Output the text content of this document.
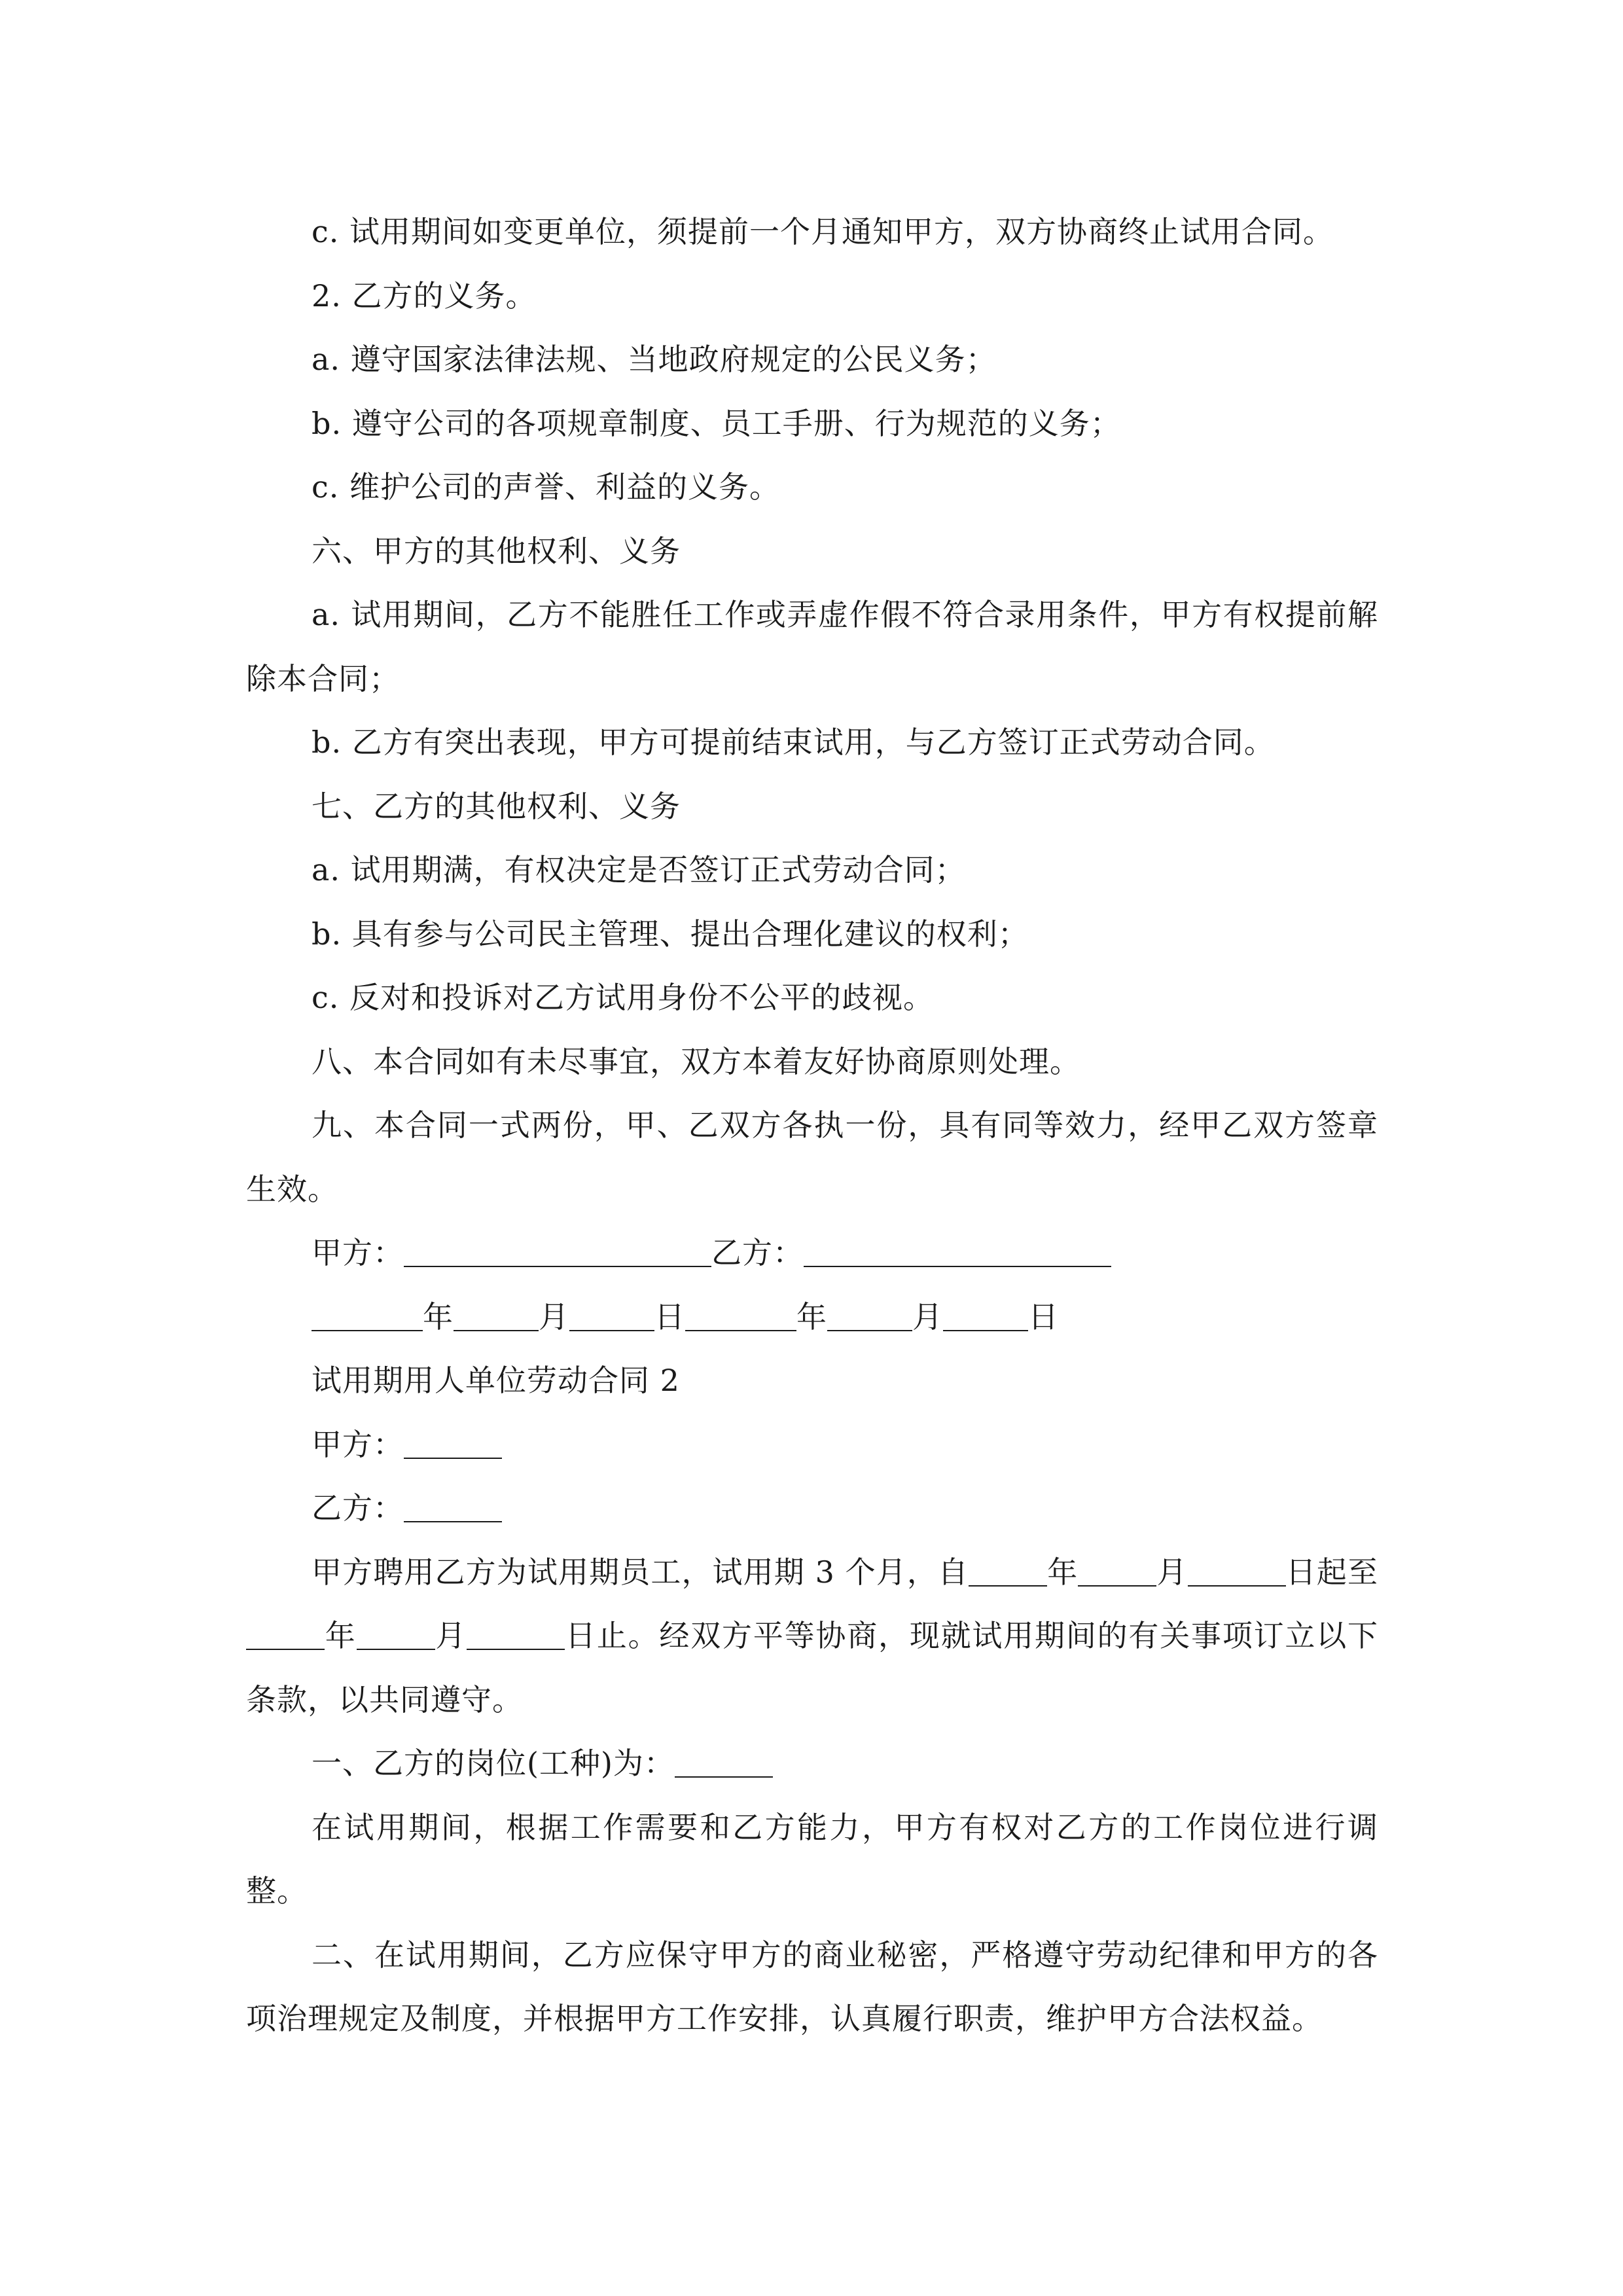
c. 试用期间如变更单位，须提前一个月通知甲方，双方协商终止试用合同。

2. 乙方的义务。

a. 遵守国家法律法规、当地政府规定的公民义务；

b. 遵守公司的各项规章制度、员工手册、行为规范的义务；

c. 维护公司的声誉、利益的义务。

六、甲方的其他权利、义务

a. 试用期间，乙方不能胜任工作或弄虚作假不符合录用条件，甲方有权提前解除本合同；

b. 乙方有突出表现，甲方可提前结束试用，与乙方签订正式劳动合同。

七、乙方的其他权利、义务

a. 试用期满，有权决定是否签订正式劳动合同；

b. 具有参与公司民主管理、提出合理化建议的权利；

c. 反对和投诉对乙方试用身份不公平的歧视。

八、本合同如有未尽事宜，双方本着友好协商原则处理。

九、本合同一式两份，甲、乙双方各执一份，具有同等效力，经甲乙双方签章生效。

甲方：	乙方：

年	月	日	年	月	日

试用期用人单位劳动合同 2

甲方：

乙方：

甲方聘用乙方为试用期员工，试用期 3 个月，自	年	月	日起至年	月	日止。经双方平等协商，现就试用期间的有关事项订立以下条款，以共同遵守。

一、乙方的岗位(工种)为：

在试用期间，根据工作需要和乙方能力，甲方有权对乙方的工作岗位进行调整。

二、在试用期间，乙方应保守甲方的商业秘密，严格遵守劳动纪律和甲方的各项治理规定及制度，并根据甲方工作安排，认真履行职责，维护甲方合法权益。
